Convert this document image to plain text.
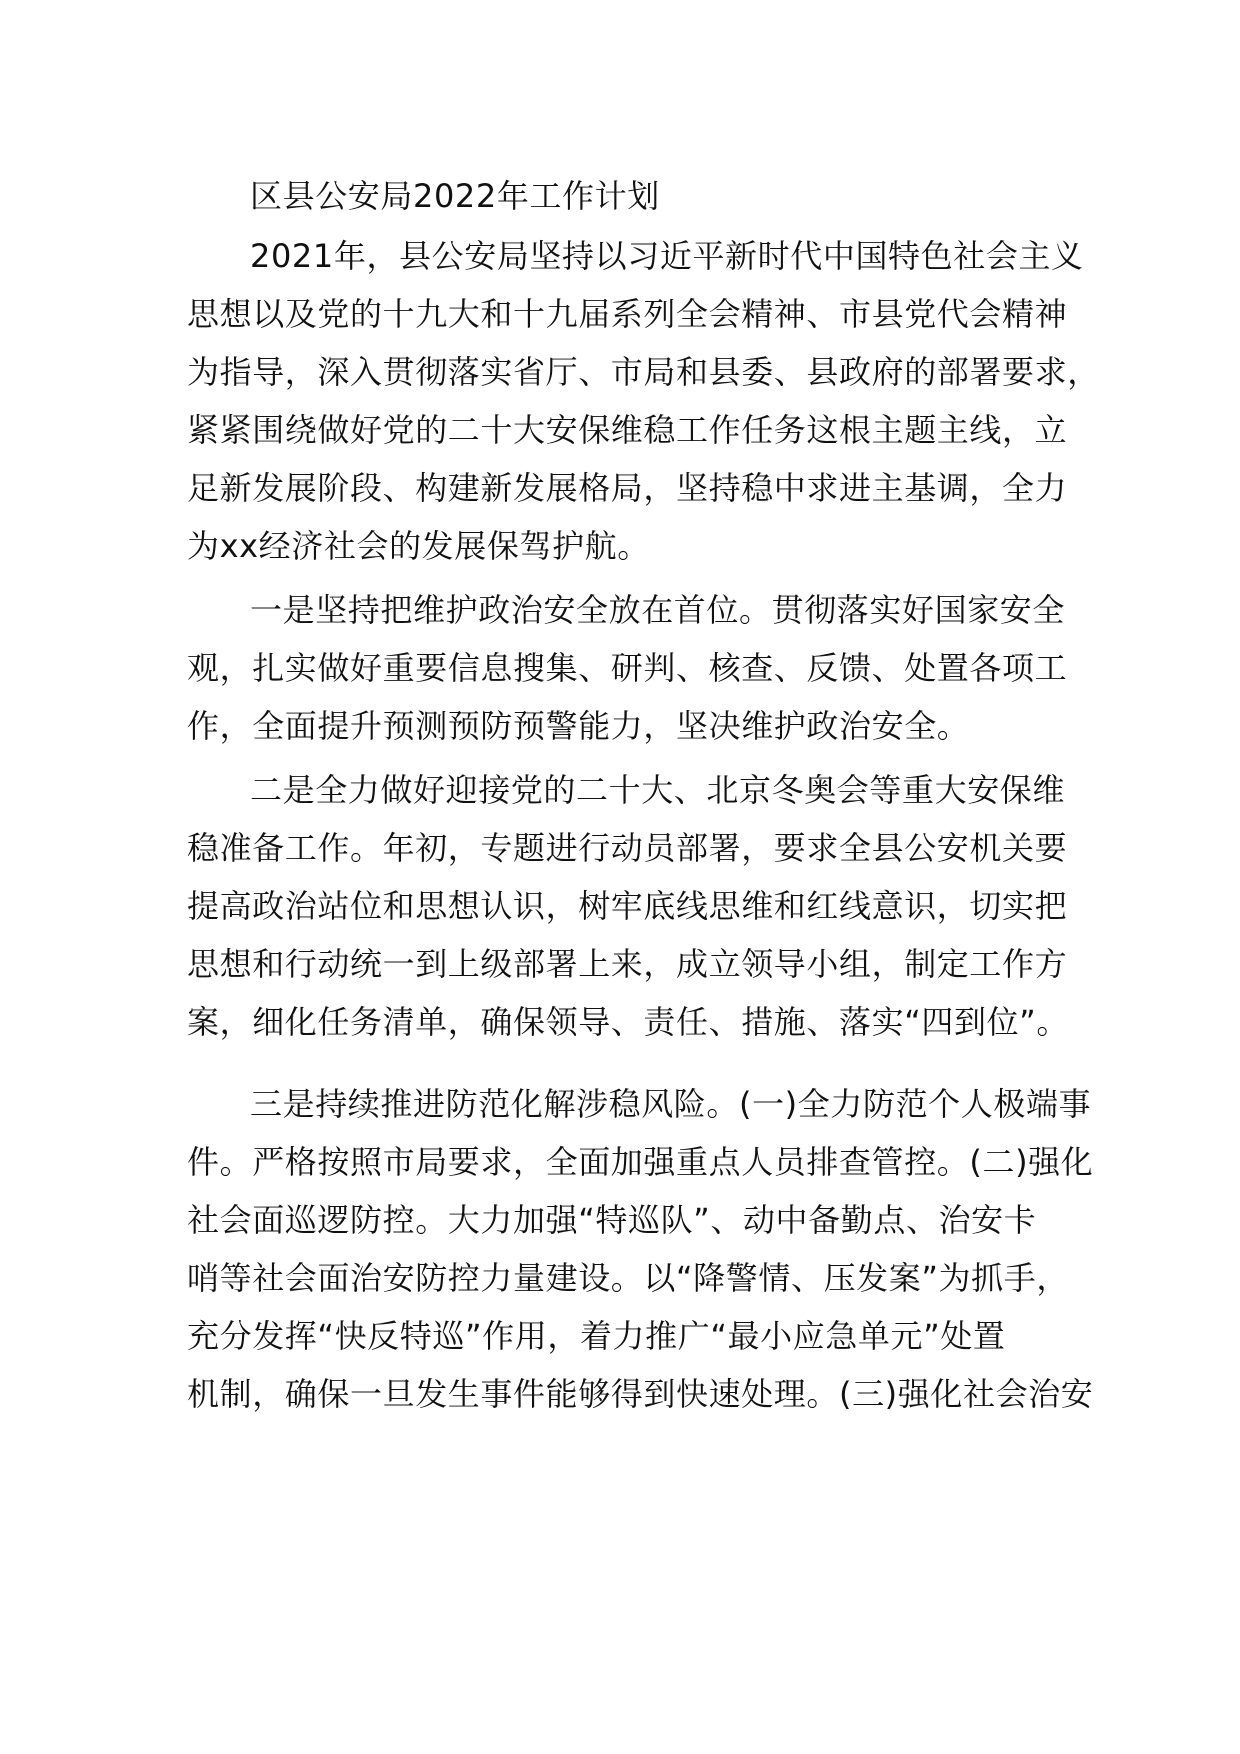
区县公安局2022年工作计划
2021年，县公安局坚持以习近平新时代中国特色社会主义
思想以及党的十九大和十九届系列全会精神、市县党代会精神
为指导，深入贯彻落实省厅、市局和县委、县政府的部署要求，
紧紧围绕做好党的二十大安保维稳工作任务这根主题主线，立
足新发展阶段、构建新发展格局，坚持稳中求进主基调，全力
为xx经济社会的发展保驾护航。
一是坚持把维护政治安全放在首位。贯彻落实好国家安全
观，扎实做好重要信息搜集、研判、核查、反馈、处置各项工
作，全面提升预测预防预警能力，坚决维护政治安全。
二是全力做好迎接党的二十大、北京冬奥会等重大安保维
稳准备工作。年初，专题进行动员部署，要求全县公安机关要
提高政治站位和思想认识，树牢底线思维和红线意识，切实把
思想和行动统一到上级部署上来，成立领导小组，制定工作方
案，细化任务清单，确保领导、责任、措施、落实“四到位”。
三是持续推进防范化解涉稳风险。(一)全力防范个人极端事
件。严格按照市局要求，全面加强重点人员排查管控。(二)强化
社会面巡逻防控。大力加强“特巡队”、动中备勤点、治安卡
哨等社会面治安防控力量建设。以“降警情、压发案”为抓手，
充分发挥“快反特巡”作用，着力推广“最小应急单元”处置
机制，确保一旦发生事件能够得到快速处理。(三)强化社会治安
